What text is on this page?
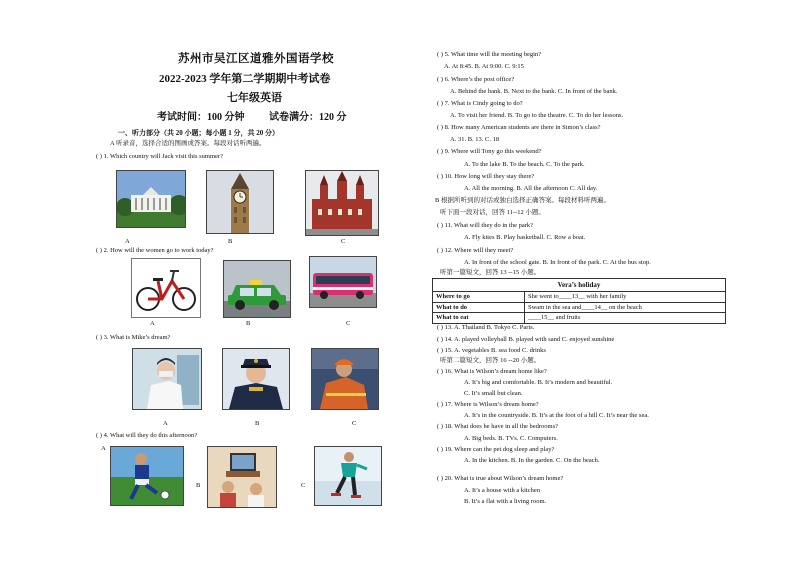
苏州市吴江区道雅外国语学校
2022-2023 学年第二学期期中考试卷
七年级英语
考试时间：100 分钟 试卷满分：120 分
一、听力部分（共 20 小题；每小题 1 分，共 20 分）
A 听录音，选择合适的图画或答案。每段对话听两遍。
( ) 1. Which country will Jack visit this summer?
A	B	C
( ) 2. How will the women go to work today?
A	B	C
( ) 3. What is Mike’s dream?
A	B	C
( ) 4. What will they do this afternoon?
A
B	C
( ) 5. What time will the meeting begin?
A. At 8:45. B. At 9:00. C. 9:15
( ) 6. Where’s the post office?
A. Behind the bank. B. Next to the bank. C. In front of the bank.
( ) 7. What is Cindy going to do?
A. To visit her friend. B. To go to the theatre. C. To do her lessons.
( ) 8. How many American students are there in Simon’s class?
A. 31. B. 13. C. 18
( ) 9. Where will Tony go this weekend?
A. To the lake B. To the beach. C. To the park.
( ) 10. How long will they stay there?
A. All the morning. B. All the afternoon C. All day.
B 根据所听到的对话或独白选择正确答案。每段材料听两遍。
听下面一段对话，回答 11--12 小题。
( ) 11. What will they do in the park?
A. Fly kites B. Play basketball. C. Row a boat.
( ) 12. Where will they meet?
A. In front of the school gate. B. In front of the park. C. At the bus stop.
听第一篇短文，回答 13 --15 小题。
( ) 13. A. Thailand B. Tokyo C. Paris.
( ) 14. A. played volleyball B. played with sand C. enjoyed sunshine
( ) 15. A. vegetables B. sea food C. drinks
听第二篇短文，回答 16 --20 小题。
( ) 16. What is Wilson’s dream home like?
A. It’s big and comfortable. B. It’s modern and beautiful.
C. It’s small but clean.
( ) 17. Where is Wilson’s dream home?
A. It’s in the countryside. B. It’s at the foot of a hill C. It’s near the sea.
( ) 18. What does he have in all the bedrooms?
A. Big beds. B. TVs. C. Computers.
( ) 19. Where can the pet dog sleep and play?
A. In the kitchen. B. In the garden. C. On the beach.
( ) 20. What is true about Wilson’s dream home?
A. It’s a house with a kitchen
B. It’s a flat with a living room.
Vera’s holiday	
Where to go	She went to____13__ with her family
What to do	Swam in the sea and____14__ on the beach
What to eat	____15__ and fruits
